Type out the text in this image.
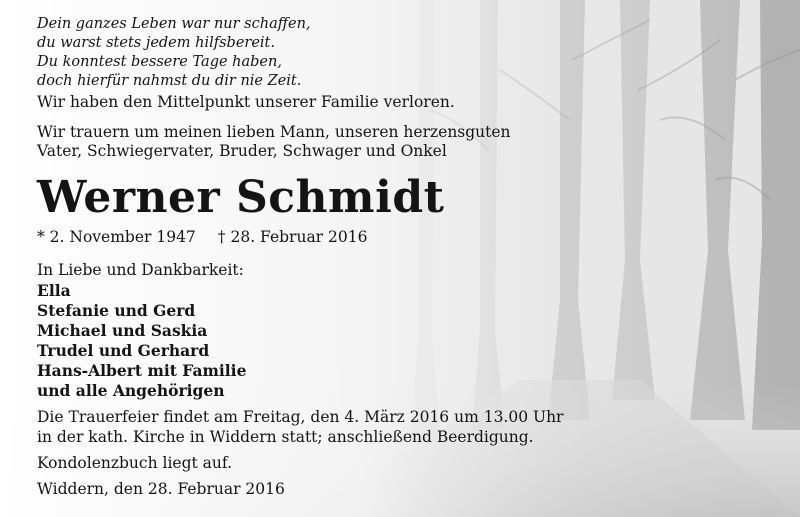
Dein ganzes Leben war nur schaffen,
du warst stets jedem hilfsbereit.
Du konntest bessere Tage haben,
doch hierfür nahmst du dir nie Zeit.
Wir haben den Mittelpunkt unserer Familie verloren.
Wir trauern um meinen lieben Mann, unseren herzensguten
Vater, Schwiegervater, Bruder, Schwager und Onkel
Werner Schmidt
* 2. November 1947 † 28. Februar 2016
In Liebe und Dankbarkeit:
Ella
Stefanie und Gerd
Michael und Saskia
Trudel und Gerhard
Hans-Albert mit Familie
und alle Angehörigen
Die Trauerfeier findet am Freitag, den 4. März 2016 um 13.00 Uhr
in der kath. Kirche in Widdern statt; anschließend Beerdigung.
Kondolenzbuch liegt auf.
Widdern, den 28. Februar 2016
